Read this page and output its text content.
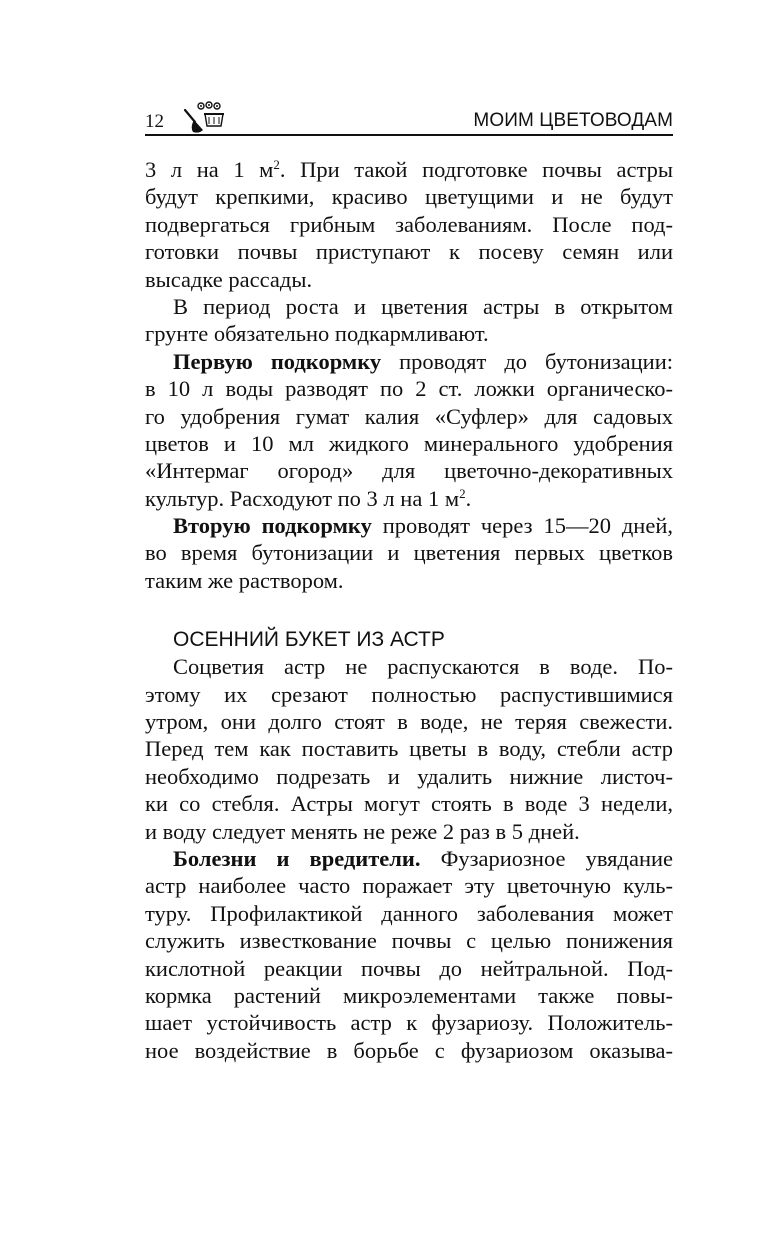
12	МОИМ ЦВЕТОВОДАМ
3 л на 1 $м^2$. При такой подготовке почвы астры
будут крепкими, красиво цветущими и не будут
подвергаться грибным заболеваниям. После под-
готовки почвы приступают к посеву семян или
высадке рассады.
В период роста и цветения астры в открытом
грунте обязательно подкармливают.
Первую подкормку проводят до бутонизации:
в 10 л воды разводят по 2 ст. ложки органическо-
го удобрения гумат калия «Суфлер» для садовых
цветов и 10 мл жидкого минерального удобрения
«Интермаг огород» для цветочно-декоративных
культур. Расходуют по 3 л на 1 $м^2$.
Вторую подкормку проводят через 15—20 дней,
во время бутонизации и цветения первых цветков
таким же раствором.
ОСЕННИЙ БУКЕТ ИЗ АСТР
Соцветия астр не распускаются в воде. По-
этому их срезают полностью распустившимися
утром, они долго стоят в воде, не теряя свежести.
Перед тем как поставить цветы в воду, стебли астр
необходимо подрезать и удалить нижние листоч-
ки со стебля. Астры могут стоять в воде 3 недели,
и воду следует менять не реже 2 раз в 5 дней.
Болезни и вредители. Фузариозное увядание
астр наиболее часто поражает эту цветочную куль-
туру. Профилактикой данного заболевания может
служить известкование почвы с целью понижения
кислотной реакции почвы до нейтральной. Под-
кормка растений микроэлементами также повы-
шает устойчивость астр к фузариозу. Положитель-
ное воздействие в борьбе с фузариозом оказыва-
